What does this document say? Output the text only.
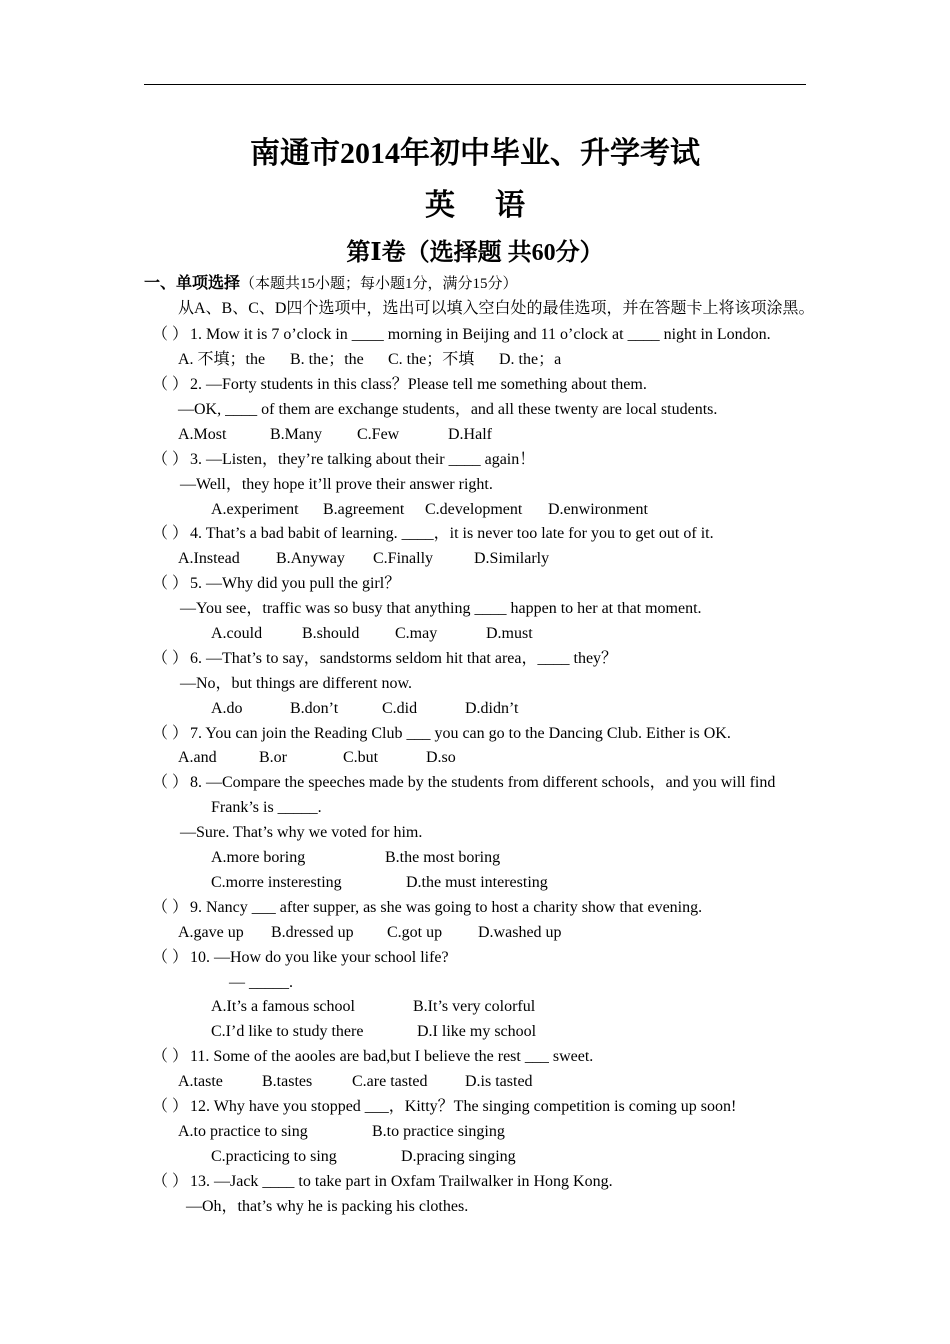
南通市2014年初中毕业、升学考试
英语
第Ⅰ卷（选择题 共60分）
一、单项选择（本题共15小题；每小题1分，满分15分）
从A、B、C、D四个选项中，选出可以填入空白处的最佳选项，并在答题卡上将该项涂黑。
（ ） 1. Mow it is 7 o’clock in ____ morning in Beijing and 11 o’clock at ____ night in London.
A. 不填；the B. the；the C. the；不填 D. the；a
（ ） 2. —Forty students in this class？Please tell me something about them.
—OK, ____ of them are exchange students，and all these twenty are local students.
A.Most	B.Many C.Few	D.Half
（ ） 3. —Listen，they’re talking about their ____ again！
—Well，they hope it’ll prove their answer right.
A.experiment B.agreement C.development D.enwironment
（ ） 4. That’s a bad babit of learning. ____，it is never too late for you to get out of it.
A.Instead B.Anyway C.Finally	D.Similarly
（ ） 5. —Why did you pull the girl？
—You see，traffic was so busy that anything ____ happen to her at that moment.
A.could B.should C.may	D.must
（ ） 6. —That’s to say，sandstorms seldom hit that area，____ they？
—No，but things are different now.
A.do	B.don’t	C.did	D.didn’t
（ ） 7. You can join the Reading Club ___ you can go to the Dancing Club. Either is OK.
A.and	B.or	C.but	D.so
（ ） 8. —Compare the speeches made by the students from different schools，and you will find
Frank’s is _____.
—Sure. That’s why we voted for him.
A.more boring	B.the most boring
C.morre insteresting	D.the must interesting
（ ） 9. Nancy ___ after supper, as she was going to host a charity show that evening.
A.gave up B.dressed up C.got up D.washed up
（ ） 10. —How do you like your school life?
— _____.
A.It’s a famous school	B.It’s very colorful
C.I’d like to study there	D.I like my school
（ ） 11. Some of the aooles are bad,but I believe the rest ___ sweet.
A.taste B.tastes C.are tasted D.is tasted
（ ） 12. Why have you stopped ___，Kitty？The singing competition is coming up soon!
A.to practice to sing	B.to practice singing
C.practicing to sing	D.pracing singing
（ ） 13. —Jack ____ to take part in Oxfam Trailwalker in Hong Kong.
—Oh，that’s why he is packing his clothes.
